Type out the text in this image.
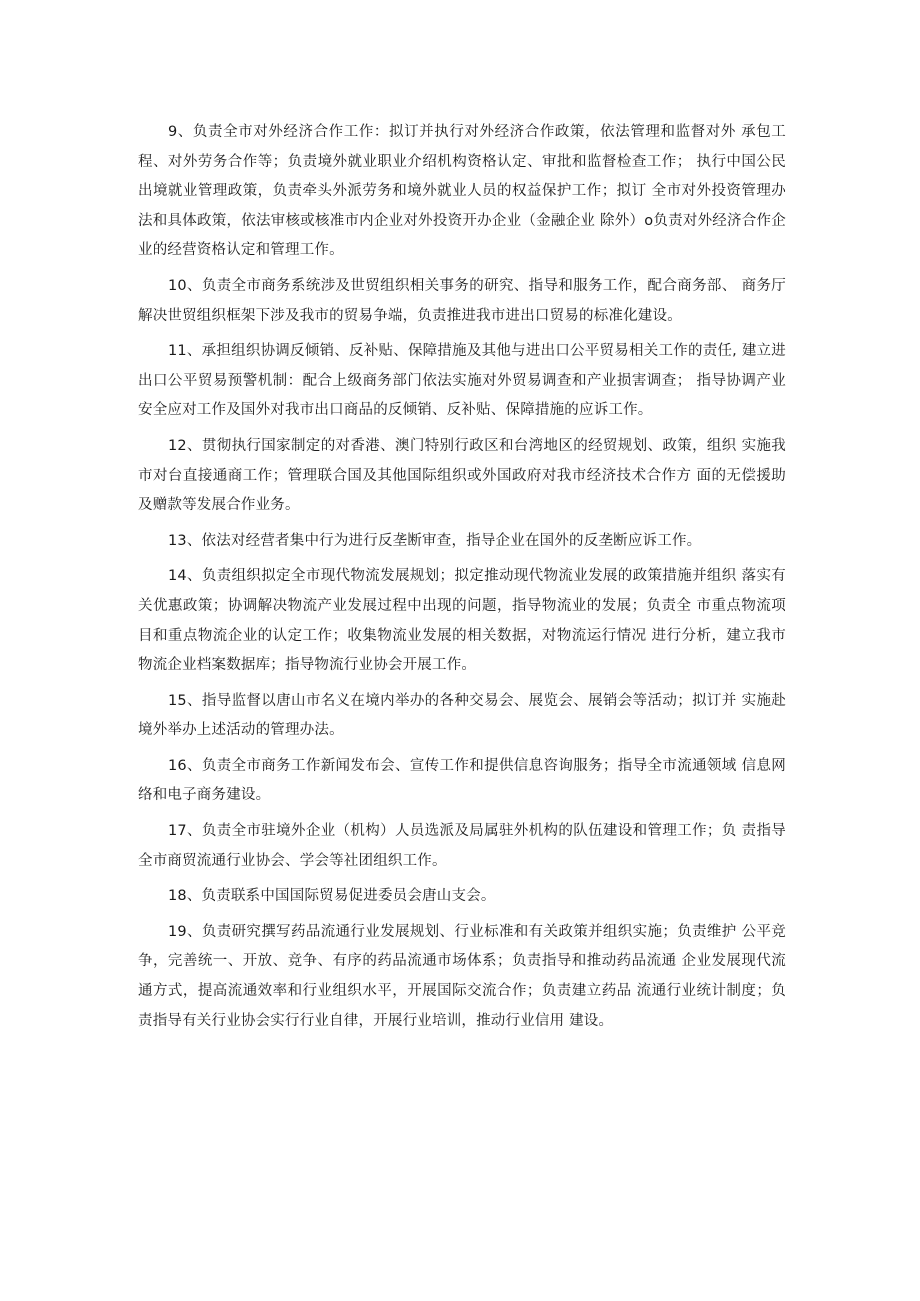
9、负责全市对外经济合作工作：拟订并执行对外经济合作政策，依法管理和监督对外 承包工程、对外劳务合作等；负责境外就业职业介绍机构资格认定、审批和监督检查工作； 执行中国公民出境就业管理政策，负责牵头外派劳务和境外就业人员的权益保护工作；拟订 全市对外投资管理办法和具体政策，依法审核或核准市内企业对外投资开办企业（金融企业 除外）o负责对外经济合作企业的经营资格认定和管理工作。

10、负责全市商务系统涉及世贸组织相关事务的研究、指导和服务工作，配合商务部、 商务厅解决世贸组织框架下涉及我市的贸易争端，负责推进我市进出口贸易的标准化建设。

11、承担组织协调反倾销、反补贴、保障措施及其他与进出口公平贸易相关工作的责任, 建立进出口公平贸易预警机制：配合上级商务部门依法实施对外贸易调查和产业损害调查； 指导协调产业安全应对工作及国外对我市出口商品的反倾销、反补贴、保障措施的应诉工作。

12、贯彻执行国家制定的对香港、澳门特别行政区和台湾地区的经贸规划、政策，组织 实施我市对台直接通商工作；管理联合国及其他国际组织或外国政府对我市经济技术合作方 面的无偿援助及赠款等发展合作业务。

13、依法对经营者集中行为进行反垄断审查，指导企业在国外的反垄断应诉工作。

14、负责组织拟定全市现代物流发展规划；拟定推动现代物流业发展的政策措施并组织 落实有关优惠政策；协调解决物流产业发展过程中出现的问题，指导物流业的发展；负责全 市重点物流项目和重点物流企业的认定工作；收集物流业发展的相关数据，对物流运行情况 进行分析，建立我市物流企业档案数据库；指导物流行业协会开展工作。

15、指导监督以唐山市名义在境内举办的各种交易会、展览会、展销会等活动；拟订并 实施赴境外举办上述活动的管理办法。

16、负责全市商务工作新闻发布会、宣传工作和提供信息咨询服务；指导全市流通领域 信息网络和电子商务建设。

17、负责全市驻境外企业（机构）人员选派及局属驻外机构的队伍建设和管理工作；负 责指导全市商贸流通行业协会、学会等社团组织工作。

18、负责联系中国国际贸易促进委员会唐山支会。

19、负责研究撰写药品流通行业发展规划、行业标准和有关政策并组织实施；负责维护 公平竞争，完善统一、开放、竞争、有序的药品流通市场体系；负责指导和推动药品流通 企业发展现代流通方式，提高流通效率和行业组织水平，开展国际交流合作；负责建立药品 流通行业统计制度；负责指导有关行业协会实行行业自律，开展行业培训，推动行业信用 建设。
